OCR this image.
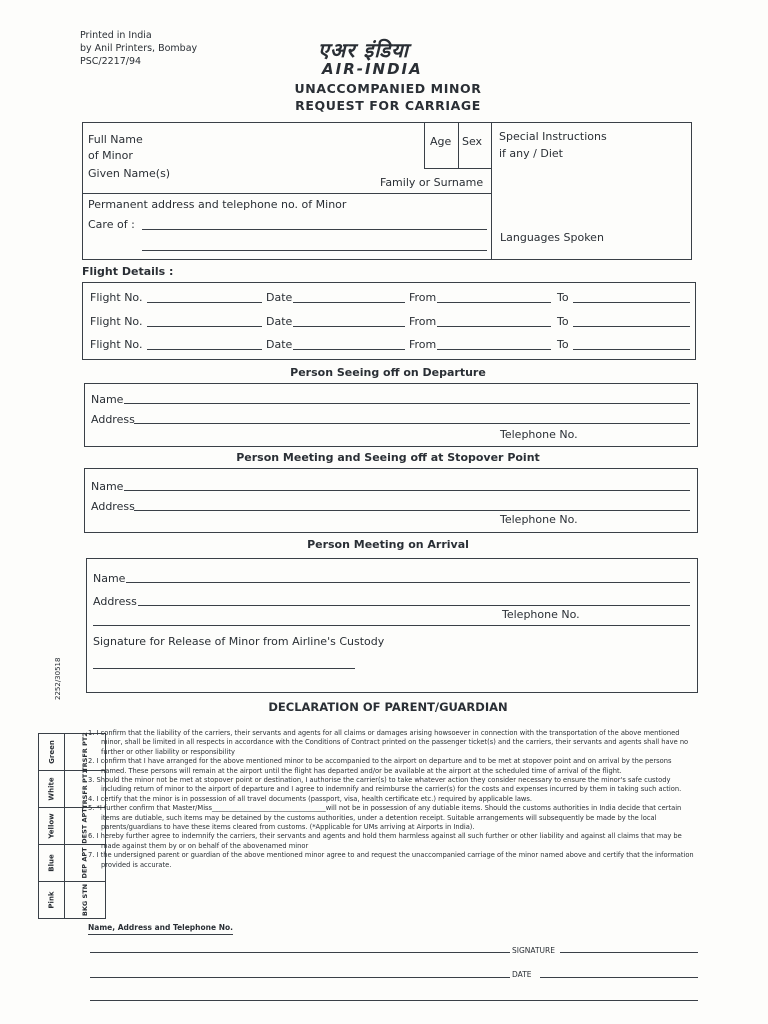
Printed in India
by Anil Printers, Bombay
PSC/2217/94	एअर इंडिया
AIR-INDIA
UNACCOMPANIED MINOR
REQUEST FOR CARRIAGE
Full Name
of Minor
Given Name(s)
Family or Surname
Age Sex Special Instructions
if any / Diet
Permanent address and telephone no. of Minor
Care of :
Languages Spoken
Flight Details :
Flight No.	Date	From	To
Flight No.	Date	From	To
Flight No.	Date	From	To
Person Seeing off on Departure
Name
Address
Telephone No.
Person Meeting and Seeing off at Stopover Point
Name
Address
Telephone No.
Person Meeting on Arrival
Name
Address
Telephone No.
Signature for Release of Minor from Airline's Custody
2252/30518
DECLARATION OF PARENT/GUARDIAN
Green	TRSFR PT2
White	TRSFR PT1
Yellow	DEST APT
Blue	DEP APT
Pink	BKG STN

1. I confirm that the liability of the carriers, their servants and agents for all claims or damages arising howsoever in connection with the transportation of the above mentioned minor, shall be limited in all respects in accordance with the Conditions of Contract printed on the passenger ticket(s) and the carriers, their servants and agents shall have no further or other liability or responsibility

2. I confirm that I have arranged for the above mentioned minor to be accompanied to the airport on departure and to be met at stopover point and on arrival by the persons named. These persons will remain at the airport until the flight has departed and/or be available at the airport at the scheduled time of arrival of the flight.

3. Should the minor not be met at stopover point or destination, I authorise the carrier(s) to take whatever action they consider necessary to ensure the minor's safe custody including return of minor to the airport of departure and I agree to indemnify and reimburse the carrier(s) for the costs and expenses incurred by them in taking such action.

4. I certify that the minor is in possession of all travel documents (passport, visa, health certificate etc.) required by applicable laws.

5. *I further confirm that Master/Miss__________________________________will not be in possession of any dutiable items. Should the customs authorities in India decide that certain items are dutiable, such items may be detained by the customs authorities, under a detention receipt. Suitable arrangements will subsequently be made by the local parents/guardians to have these items cleared from customs. (*Applicable for UMs arriving at Airports in India).

6. I hereby further agree to indemnify the carriers, their servants and agents and hold them harmless against all such further or other liability and against all claims that may be made against them by or on behalf of the abovenamed minor

7. I the undersigned parent or guardian of the above mentioned minor agree to and request the unaccompanied carriage of the minor named above and certify that the information provided is accurate.

Name, Address and Telephone No.
SIGNATURE
DATE
